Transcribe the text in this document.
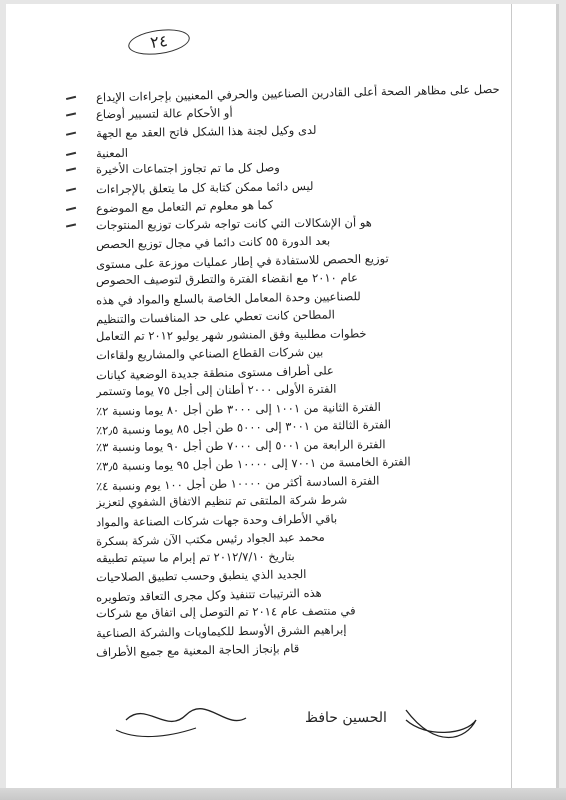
٢٤
حصل على مظاهر الصحة أعلى القادرين الصناعيين والحرفي المعنيين بإجراءات الإيداع
أو الأحكام عالة لتسيير أوضاع
لدى وكيل لجنة هذا الشكل فاتح العقد مع الجهة
المعنية
وصل كل ما تم تجاوز اجتماعات الأخيرة
ليس دائما ممكن كتابة كل ما يتعلق بالإجراءات
كما هو معلوم تم التعامل مع الموضوع
هو أن الإشكالات التي كانت تواجه شركات توزيع المنتوجات
بعد الدورة ٥٥ كانت دائما في مجال توزيع الحصص
توزيع الحصص للاستفادة في إطار عمليات موزعة على مستوى
عام ٢٠١٠ مع انقضاء الفترة والتطرق لتوصيف الحصوص
للصناعيين وحدة المعامل الخاصة بالسلع والمواد في هذه
المطاحن كانت تعطي على حد المنافسات والتنظيم
خطوات مطلبية وفق المنشور شهر يوليو ٢٠١٢ تم التعامل
بين شركات القطاع الصناعي والمشاريع ولقاءات
على أطراف مستوى منطقة جديدة الوضعية كيانات
الفترة الأولى ٢٠٠٠ أطنان إلى أجل ٧٥ يوما وتستمر
الفترة الثانية من ١٠٠١ إلى ٣٠٠٠ طن أجل ٨٠ يوما ونسبة ٢٪
الفترة الثالثة من ٣٠٠١ إلى ٥٠٠٠ طن أجل ٨٥ يوما ونسبة ٢٫٥٪
الفترة الرابعة من ٥٠٠١ إلى ٧٠٠٠ طن أجل ٩٠ يوما ونسبة ٣٪
الفترة الخامسة من ٧٠٠١ إلى ١٠٠٠٠ طن أجل ٩٥ يوما ونسبة ٣٫٥٪
الفترة السادسة أكثر من ١٠٠٠٠ طن أجل ١٠٠ يوم ونسبة ٤٪
شرط شركة الملتقى تم تنظيم الاتفاق الشفوي لتعزيز
باقي الأطراف وحدة جهات شركات الصناعة والمواد
محمد عبد الجواد رئيس مكتب الآن شركة بسكرة
بتاريخ ٢٠١٢/٧/١٠ تم إبرام ما سيتم تطبيقه
الجديد الذي ينطبق وحسب تطبيق الصلاحيات
هذه الترتيبات تتنفيذ وكل مجرى التعاقد وتطويره
في منتصف عام ٢٠١٤ تم التوصل إلى اتفاق مع شركات
إبراهيم الشرق الأوسط للكيماويات والشركة الصناعية
قام بإنجاز الحاجة المعنية مع جميع الأطراف
الحسين حافظ
